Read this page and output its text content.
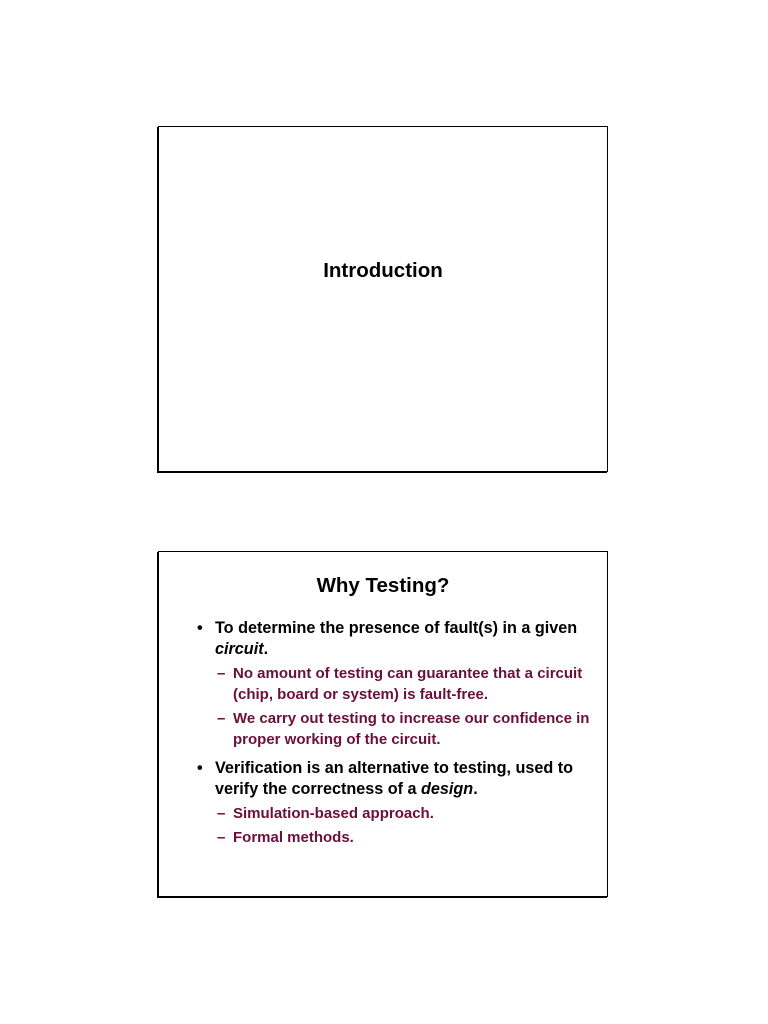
Introduction
Why Testing?
• To determine the presence of fault(s) in a given circuit.
– No amount of testing can guarantee that a circuit (chip, board or system) is fault-free.
– We carry out testing to increase our confidence in proper working of the circuit.
• Verification is an alternative to testing, used to verify the correctness of a design.
– Simulation-based approach.
– Formal methods.
